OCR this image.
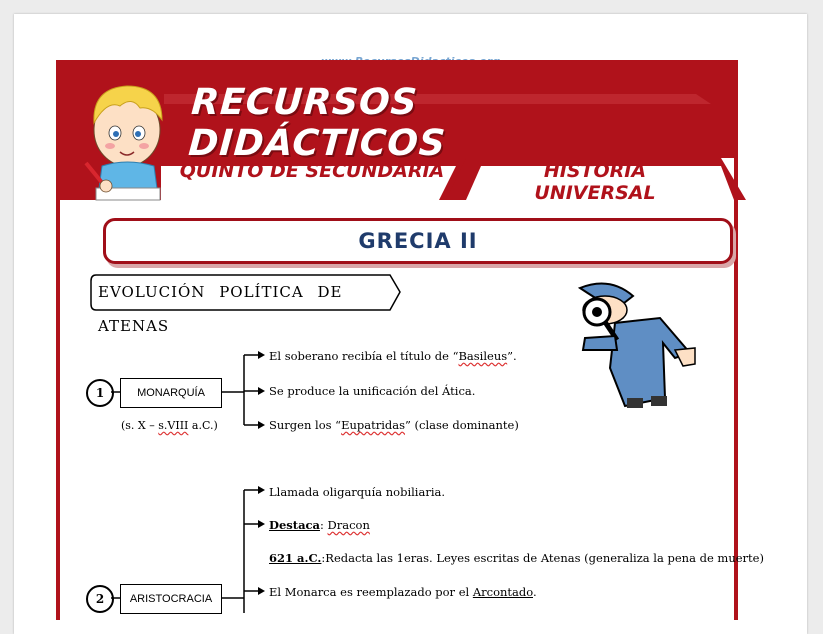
RECURSOS DIDÁCTICOS
QUINTO DE SECUNDARIA	HISTORIA UNIVERSAL
GRECIA II
EVOLUCIÓN POLÍTICA DE ATENAS
1	MONARQUÍA
(s. X – s.VIII a.C.)
El soberano recibía el título de “Basileus”.
Se produce la unificación del Ática.
Surgen los “Eupatridas” (clase dominante)
Llamada oligarquía nobiliaria.
Destaca: Dracon
621 a.C.:Redacta las 1eras. Leyes escritas de Atenas (generaliza la pena de muerte)
El Monarca es reemplazado por el Arcontado.
2	ARISTOCRACIA
